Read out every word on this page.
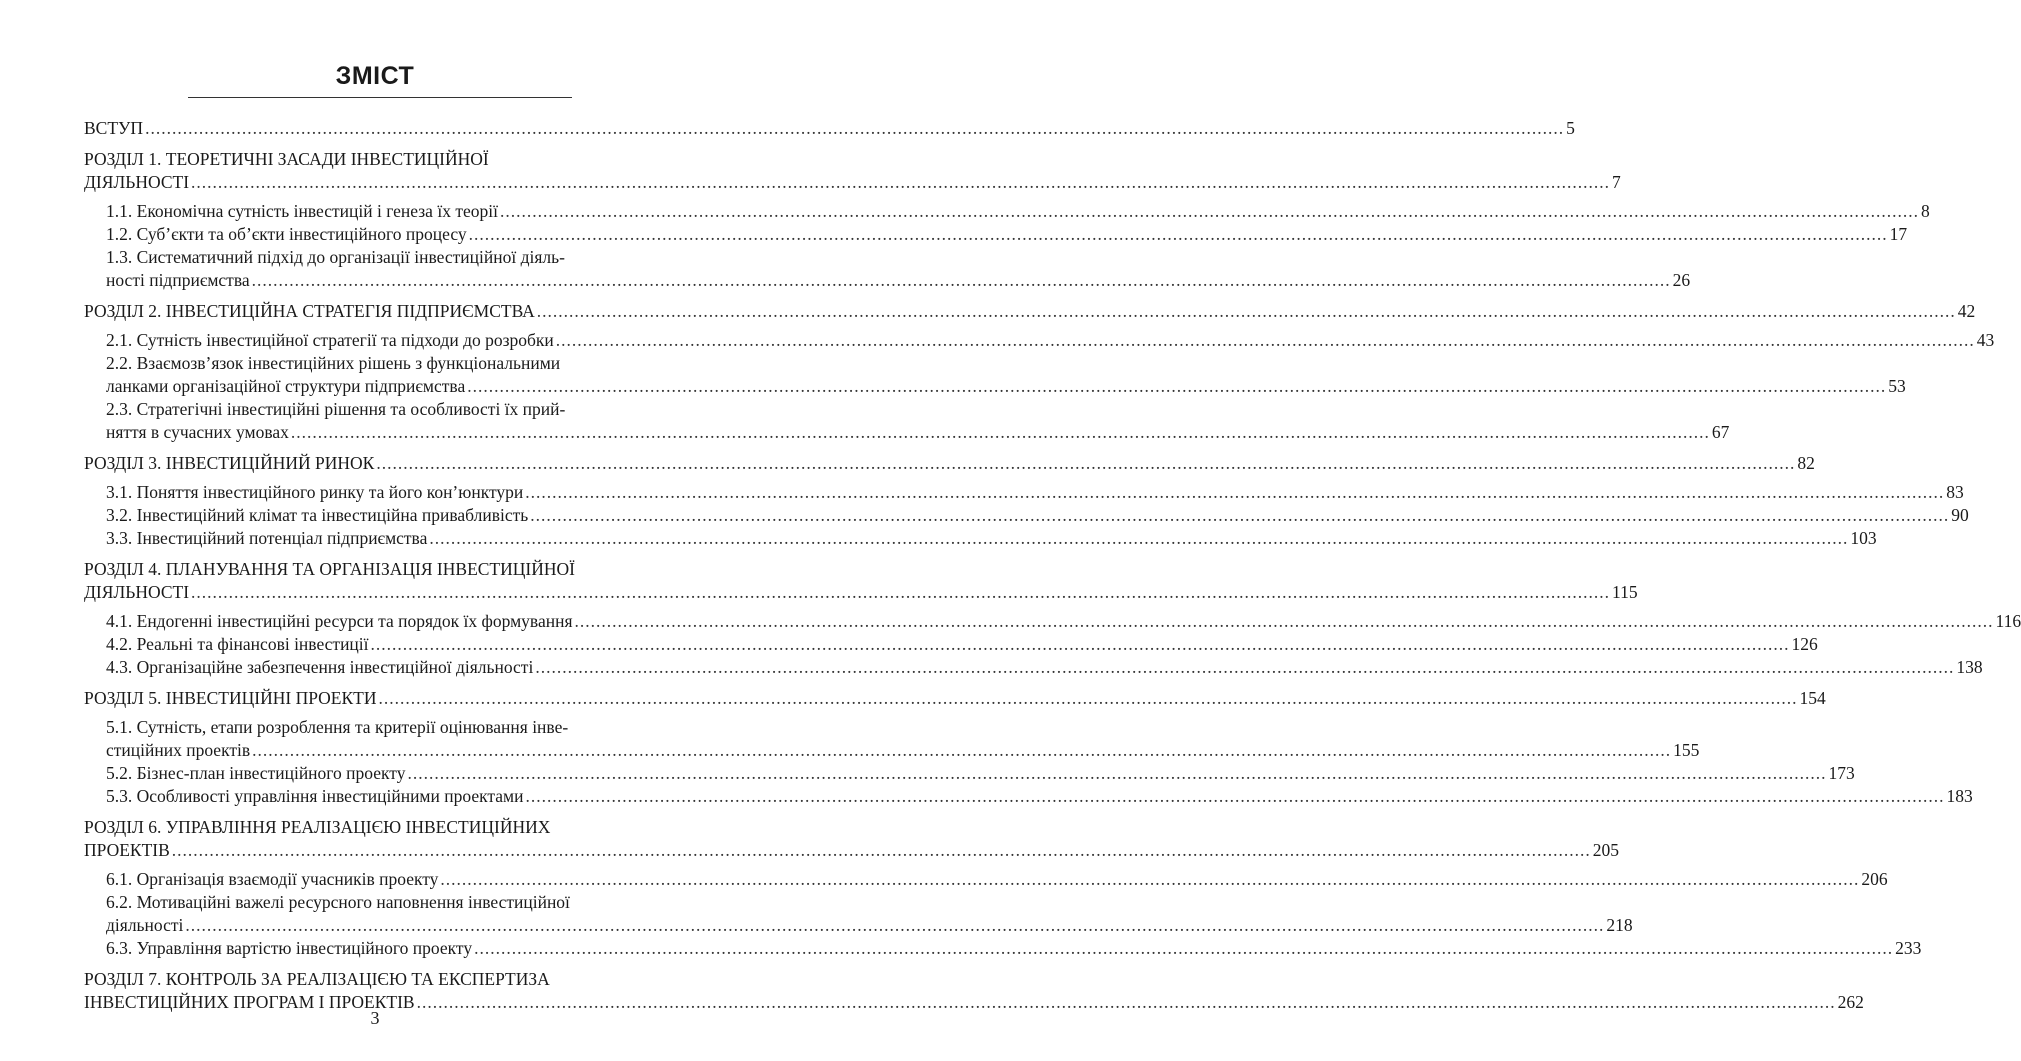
ЗМІСТ
ВСТУП .....	5
РОЗДІЛ 1. ТЕОРЕТИЧНІ ЗАСАДИ ІНВЕСТИЦІЙНОЇ
ДІЯЛЬНОСТІ .....	7
1.1. Економічна сутність інвестицій і генеза їх теорії .....	8
1.2. Суб’єкти та об’єкти інвестиційного процесу .....	17
1.3. Систематичний підхід до організації інвестиційної діяль-
ності підприємства .....	26
РОЗДІЛ 2. ІНВЕСТИЦІЙНА СТРАТЕГІЯ ПІДПРИЄМСТВА .....	42
2.1. Сутність інвестиційної стратегії та підходи до розробки .....	43
2.2. Взаємозв’язок інвестиційних рішень з функціональними
ланками організаційної структури підприємства .....	53
2.3. Стратегічні інвестиційні рішення та особливості їх прий-
няття в сучасних умовах .....	67
РОЗДІЛ 3. ІНВЕСТИЦІЙНИЙ РИНОК .....	82
3.1. Поняття інвестиційного ринку та його кон’юнктури .....	83
3.2. Інвестиційний клімат та інвестиційна привабливість .....	90
3.3. Інвестиційний потенціал підприємства .....	103
РОЗДІЛ 4. ПЛАНУВАННЯ ТА ОРГАНІЗАЦІЯ ІНВЕСТИЦІЙНОЇ
ДІЯЛЬНОСТІ .....	115
4.1. Ендогенні інвестиційні ресурси та порядок їх формування .....	116
4.2. Реальні та фінансові інвестиції .....	126
4.3. Організаційне забезпечення інвестиційної діяльності .....	138
РОЗДІЛ 5. ІНВЕСТИЦІЙНІ ПРОЕКТИ .....	154
5.1. Сутність, етапи розроблення та критерії оцінювання інве-
стиційних проектів .....	155
5.2. Бізнес-план інвестиційного проекту .....	173
5.3. Особливості управління інвестиційними проектами .....	183
РОЗДІЛ 6. УПРАВЛІННЯ РЕАЛІЗАЦІЄЮ ІНВЕСТИЦІЙНИХ
ПРОЕКТІВ .....	205
6.1. Організація взаємодії учасників проекту .....	206
6.2. Мотиваційні важелі ресурсного наповнення інвестиційної
діяльності .....	218
6.3. Управління вартістю інвестиційного проекту .....	233
РОЗДІЛ 7. КОНТРОЛЬ ЗА РЕАЛІЗАЦІЄЮ ТА ЕКСПЕРТИЗА
ІНВЕСТИЦІЙНИХ ПРОГРАМ І ПРОЕКТІВ .....	262
3
